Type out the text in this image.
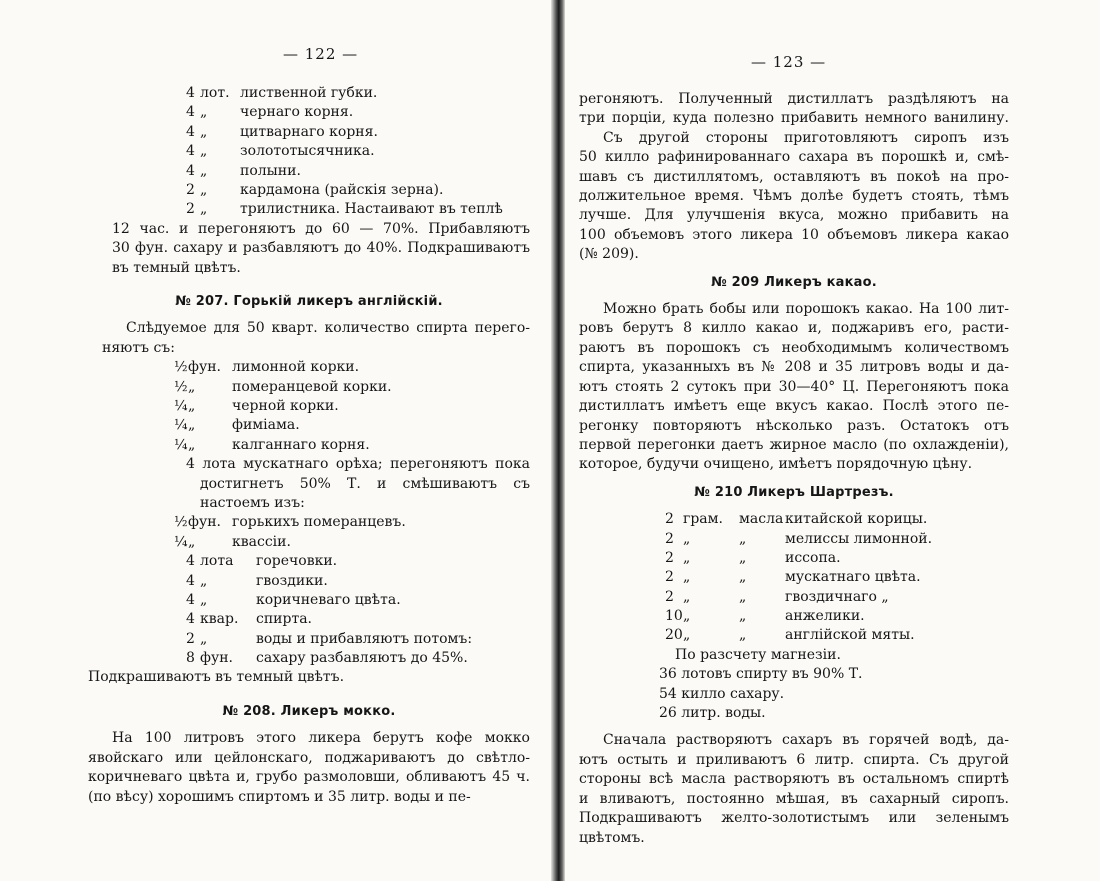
— 122 —
4 лот. лиственной губки.
4 „ чернаго корня.
4 „ цитварнаго корня.
4 „ золототысячника.
4 „ полыни.
2 „ кардамона (райскія зерна).
2 „ трилистника. Настаивают въ теплѣ
12 час. и перегоняютъ до 60 — 70%. Прибавляютъ
30 фун. сахару и разбавляютъ до 40%. Подкрашиваютъ
въ темный цвѣтъ.
№ 207. Горькій ликеръ англійскій.
Слѣдуемое для 50 кварт. количество спирта перего-
няютъ съ:
½ фун. лимонной корки.
½ „	померанцевой корки.
¼ „	черной корки.
¼ „	фиміама.
¼ „	калганнаго корня.
4 лота мускатнаго орѣха; перегоняютъ пока
достигнетъ 50% Т. и смѣшиваютъ съ
настоемъ изъ:
½ фун. горькихъ померанцевъ.
¼ „	квассіи.
4 лота горечовки.
4 „	гвоздики.
4 „	коричневаго цвѣта.
4 квар. спирта.
2 „	воды и прибавляютъ потомъ:
8 фун. сахару разбавляютъ до 45%.
Подкрашиваютъ въ темный цвѣтъ.
№ 208. Ликеръ мокко.
На 100 литровъ этого ликера берутъ кофе мокко
явойскаго или цейлонскаго, поджариваютъ до свѣтло-
коричневаго цвѣта и, грубо размоловши, обливаютъ 45 ч.
(по вѣсу) хорошимъ спиртомъ и 35 литр. воды и пе-
— 123 —
регоняютъ. Полученный дистиллатъ раздѣляютъ на
три порціи, куда полезно прибавить немного ванилину.
Съ другой стороны приготовляютъ сиропъ изъ
50 килло рафинированнаго сахара въ порошкѣ и, смѣ-
шавъ съ дистиллятомъ, оставляютъ въ покоѣ на про-
должительное время. Чѣмъ долѣе будетъ стоять, тѣмъ
лучше. Для улучшенія вкуса, можно прибавить на
100 объемовъ этого ликера 10 объемовъ ликера какао
(№ 209).
№ 209 Ликеръ какао.
Можно брать бобы или порошокъ какао. На 100 лит-
ровъ берутъ 8 килло какао и, поджаривъ его, расти-
раютъ въ порошокъ съ необходимымъ количествомъ
спирта, указанныхъ въ № 208 и 35 литровъ воды и да-
ютъ стоять 2 сутокъ при 30—40° Ц. Перегоняютъ пока
дистиллатъ имѣетъ еще вкусъ какао. Послѣ этого пе-
регонку повторяютъ нѣсколько разъ. Остатокъ отъ
первой перегонки даетъ жирное масло (по охлажденіи),
которое, будучи очищено, имѣетъ порядочную цѣну.
№ 210 Ликеръ Шартрезъ.
2 грам. масла китайской корицы.
2 „	„	мелиссы лимонной.
2 „	„	иссопа.
2 „	„	мускатнаго цвѣта.
2 „	„	гвоздичнаго „
10 „	„	анжелики.
20 „	„	англійской мяты.
По разсчету магнезіи.
36 лотовъ спирту въ 90% Т.
54 килло сахару.
26 литр. воды.
Сначала растворяютъ сахаръ въ горячей водѣ, да-
ютъ остыть и приливаютъ 6 литр. спирта. Съ другой
стороны всѣ масла растворяютъ въ остальномъ спиртѣ
и вливаютъ, постоянно мѣшая, въ сахарный сиропъ.
Подкрашиваютъ желто-золотистымъ или зеленымъ
цвѣтомъ.
